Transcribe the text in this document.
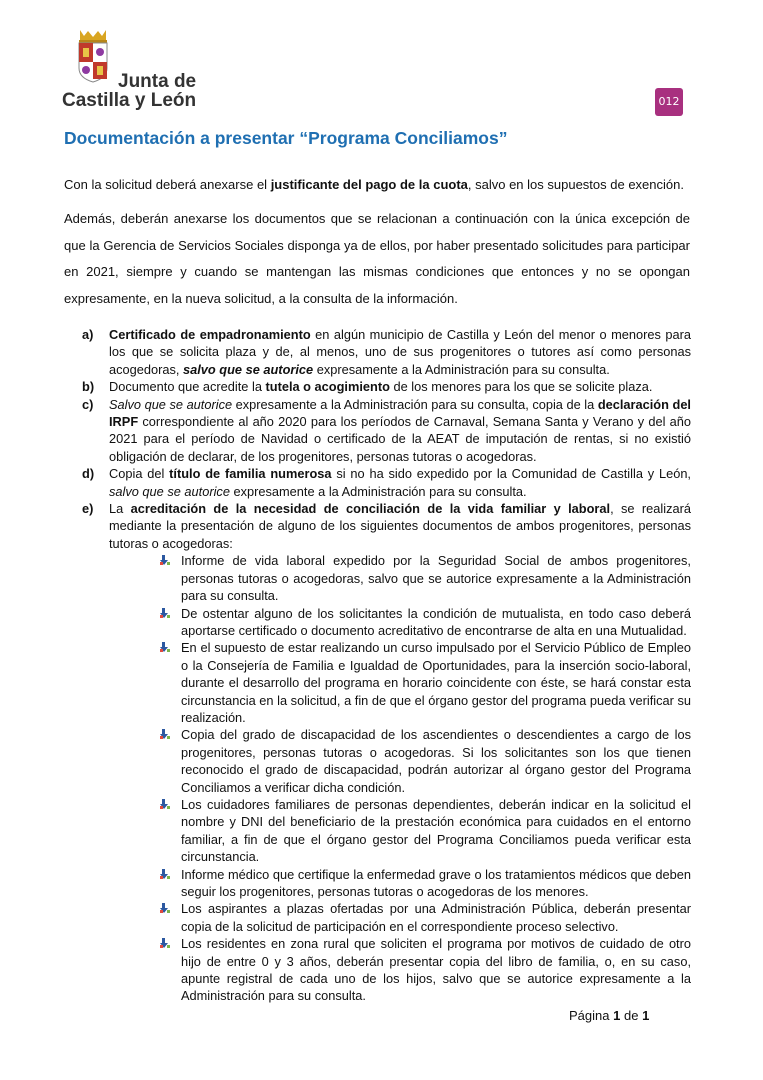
Junta de
Castilla y León	012
Documentación a presentar “Programa Conciliamos”

Con la solicitud deberá anexarse el justificante del pago de la cuota, salvo en los supuestos de exención.

Además, deberán anexarse los documentos que se relacionan a continuación con la única excepción de que la Gerencia de Servicios Sociales disponga ya de ellos, por haber presentado solicitudes para participar en 2021, siempre y cuando se mantengan las mismas condiciones que entonces y no se opongan expresamente, en la nueva solicitud, a la consulta de la información.

a) Certificado de empadronamiento en algún municipio de Castilla y León del menor o menores para los que se solicita plaza y de, al menos, uno de sus progenitores o tutores así como personas acogedoras, salvo que se autorice expresamente a la Administración para su consulta.
b) Documento que acredite la tutela o acogimiento de los menores para los que se solicite plaza.
c) Salvo que se autorice expresamente a la Administración para su consulta, copia de la declaración del IRPF correspondiente al año 2020 para los períodos de Carnaval, Semana Santa y Verano y del año 2021 para el período de Navidad o certificado de la AEAT de imputación de rentas, si no existió obligación de declarar, de los progenitores, personas tutoras o acogedoras.
d) Copia del título de familia numerosa si no ha sido expedido por la Comunidad de Castilla y León, salvo que se autorice expresamente a la Administración para su consulta.
e) La acreditación de la necesidad de conciliación de la vida familiar y laboral, se realizará mediante la presentación de alguno de los siguientes documentos de ambos progenitores, personas tutoras o acogedoras:
Informe de vida laboral expedido por la Seguridad Social de ambos progenitores, personas tutoras o acogedoras, salvo que se autorice expresamente a la Administración para su consulta.
De ostentar alguno de los solicitantes la condición de mutualista, en todo caso deberá aportarse certificado o documento acreditativo de encontrarse de alta en una Mutualidad.
En el supuesto de estar realizando un curso impulsado por el Servicio Público de Empleo o la Consejería de Familia e Igualdad de Oportunidades, para la inserción socio-laboral, durante el desarrollo del programa en horario coincidente con éste, se hará constar esta circunstancia en la solicitud, a fin de que el órgano gestor del programa pueda verificar su realización.
Copia del grado de discapacidad de los ascendientes o descendientes a cargo de los progenitores, personas tutoras o acogedoras. Si los solicitantes son los que tienen reconocido el grado de discapacidad, podrán autorizar al órgano gestor del Programa Conciliamos a verificar dicha condición.
Los cuidadores familiares de personas dependientes, deberán indicar en la solicitud el nombre y DNI del beneficiario de la prestación económica para cuidados en el entorno familiar, a fin de que el órgano gestor del Programa Conciliamos pueda verificar esta circunstancia.
Informe médico que certifique la enfermedad grave o los tratamientos médicos que deben seguir los progenitores, personas tutoras o acogedoras de los menores.
Los aspirantes a plazas ofertadas por una Administración Pública, deberán presentar copia de la solicitud de participación en el correspondiente proceso selectivo.
Los residentes en zona rural que soliciten el programa por motivos de cuidado de otro hijo de entre 0 y 3 años, deberán presentar copia del libro de familia, o, en su caso, apunte registral de cada uno de los hijos, salvo que se autorice expresamente a la Administración para su consulta.
Página 1 de 1
